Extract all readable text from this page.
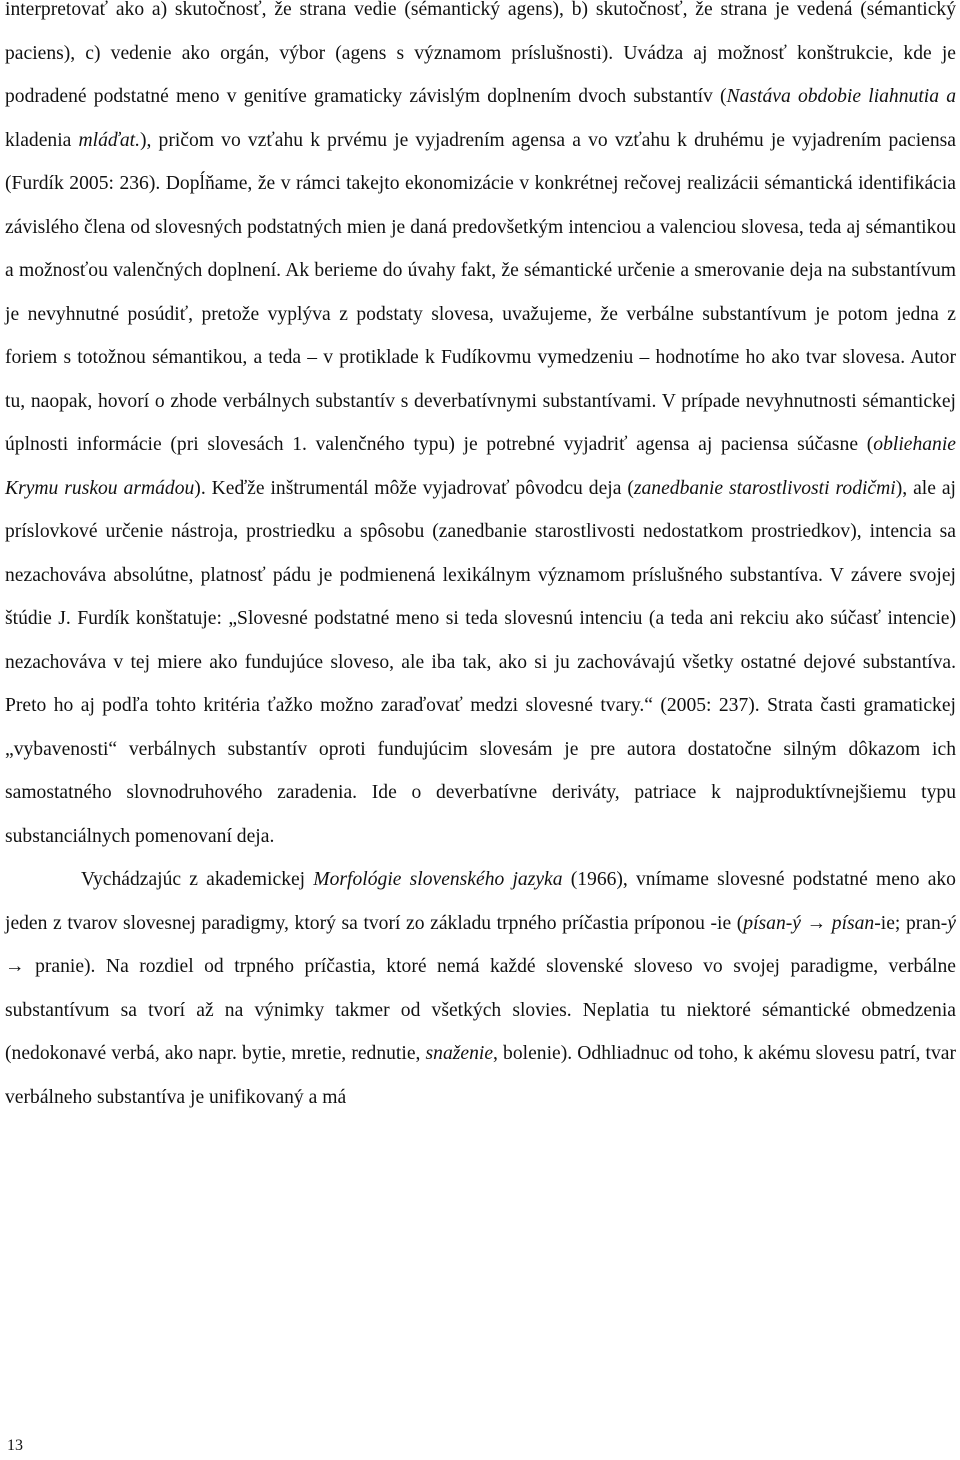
interpretovať ako a) skutočnosť, že strana vedie (sémantický agens), b) skutočnosť, že strana je vedená (sémantický paciens), c) vedenie ako orgán, výbor (agens s významom príslušnosti). Uvádza aj možnosť konštrukcie, kde je podradené podstatné meno v genitíve gramaticky závislým doplnením dvoch substantív (Nastáva obdobie liahnutia a kladenia mláďat.), pričom vo vzťahu k prvému je vyjadrením agensa a vo vzťahu k druhému je vyjadrením paciensa (Furdík 2005: 236). Dopĺňame, že v rámci takejto ekonomizácie v konkrétnej rečovej realizácii sémantická identifikácia závislého člena od slovesných podstatných mien je daná predovšetkým intenciou a valenciou slovesa, teda aj sémantikou a možnosťou valenčných doplnení. Ak berieme do úvahy fakt, že sémantické určenie a smerovanie deja na substantívum je nevyhnutné posúdiť, pretože vyplýva z podstaty slovesa, uvažujeme, že verbálne substantívum je potom jedna z foriem s totožnou sémantikou, a teda – v protiklade k Fudíkovmu vymedzeniu – hodnotíme ho ako tvar slovesa. Autor tu, naopak, hovorí o zhode verbálnych substantív s deverbatívnymi substantívami. V prípade nevyhnutnosti sémantickej úplnosti informácie (pri slovesách 1. valenčného typu) je potrebné vyjadriť agensa aj paciensa súčasne (obliehanie Krymu ruskou armádou). Keďže inštrumentál môže vyjadrovať pôvodcu deja (zanedbanie starostlivosti rodičmi), ale aj príslovkové určenie nástroja, prostriedku a spôsobu (zanedbanie starostlivosti nedostatkom prostriedkov), intencia sa nezachováva absolútne, platnosť pádu je podmienená lexikálnym významom príslušného substantíva. V závere svojej štúdie J. Furdík konštatuje: „Slovesné podstatné meno si teda slovesnú intenciu (a teda ani rekciu ako súčasť intencie) nezachováva v tej miere ako fundujúce sloveso, ale iba tak, ako si ju zachovávajú všetky ostatné dejové substantíva. Preto ho aj podľa tohto kritéria ťažko možno zaraďovať medzi slovesné tvary.“ (2005: 237). Strata časti gramatickej „vybavenosti“ verbálnych substantív oproti fundujúcim slovesám je pre autora dostatočne silným dôkazom ich samostatného slovnodruhového zaradenia. Ide o deverbatívne deriváty, patriace k najproduktívnejšiemu typu substanciálnych pomenovaní deja.

Vychádzajúc z akademickej Morfológie slovenského jazyka (1966), vnímame slovesné podstatné meno ako jeden z tvarov slovesnej paradigmy, ktorý sa tvorí zo základu trpného príčastia príponou -ie (písan-ý → písan-ie; pran-ý → pranie). Na rozdiel od trpného príčastia, ktoré nemá každé slovenské sloveso vo svojej paradigme, verbálne substantívum sa tvorí až na výnimky takmer od všetkých slovies. Neplatia tu niektoré sémantické obmedzenia (nedokonavé verbá, ako napr. bytie, mretie, rednutie, snaženie, bolenie). Odhliadnuc od toho, k akému slovesu patrí, tvar verbálneho substantíva je unifikovaný a má

13
